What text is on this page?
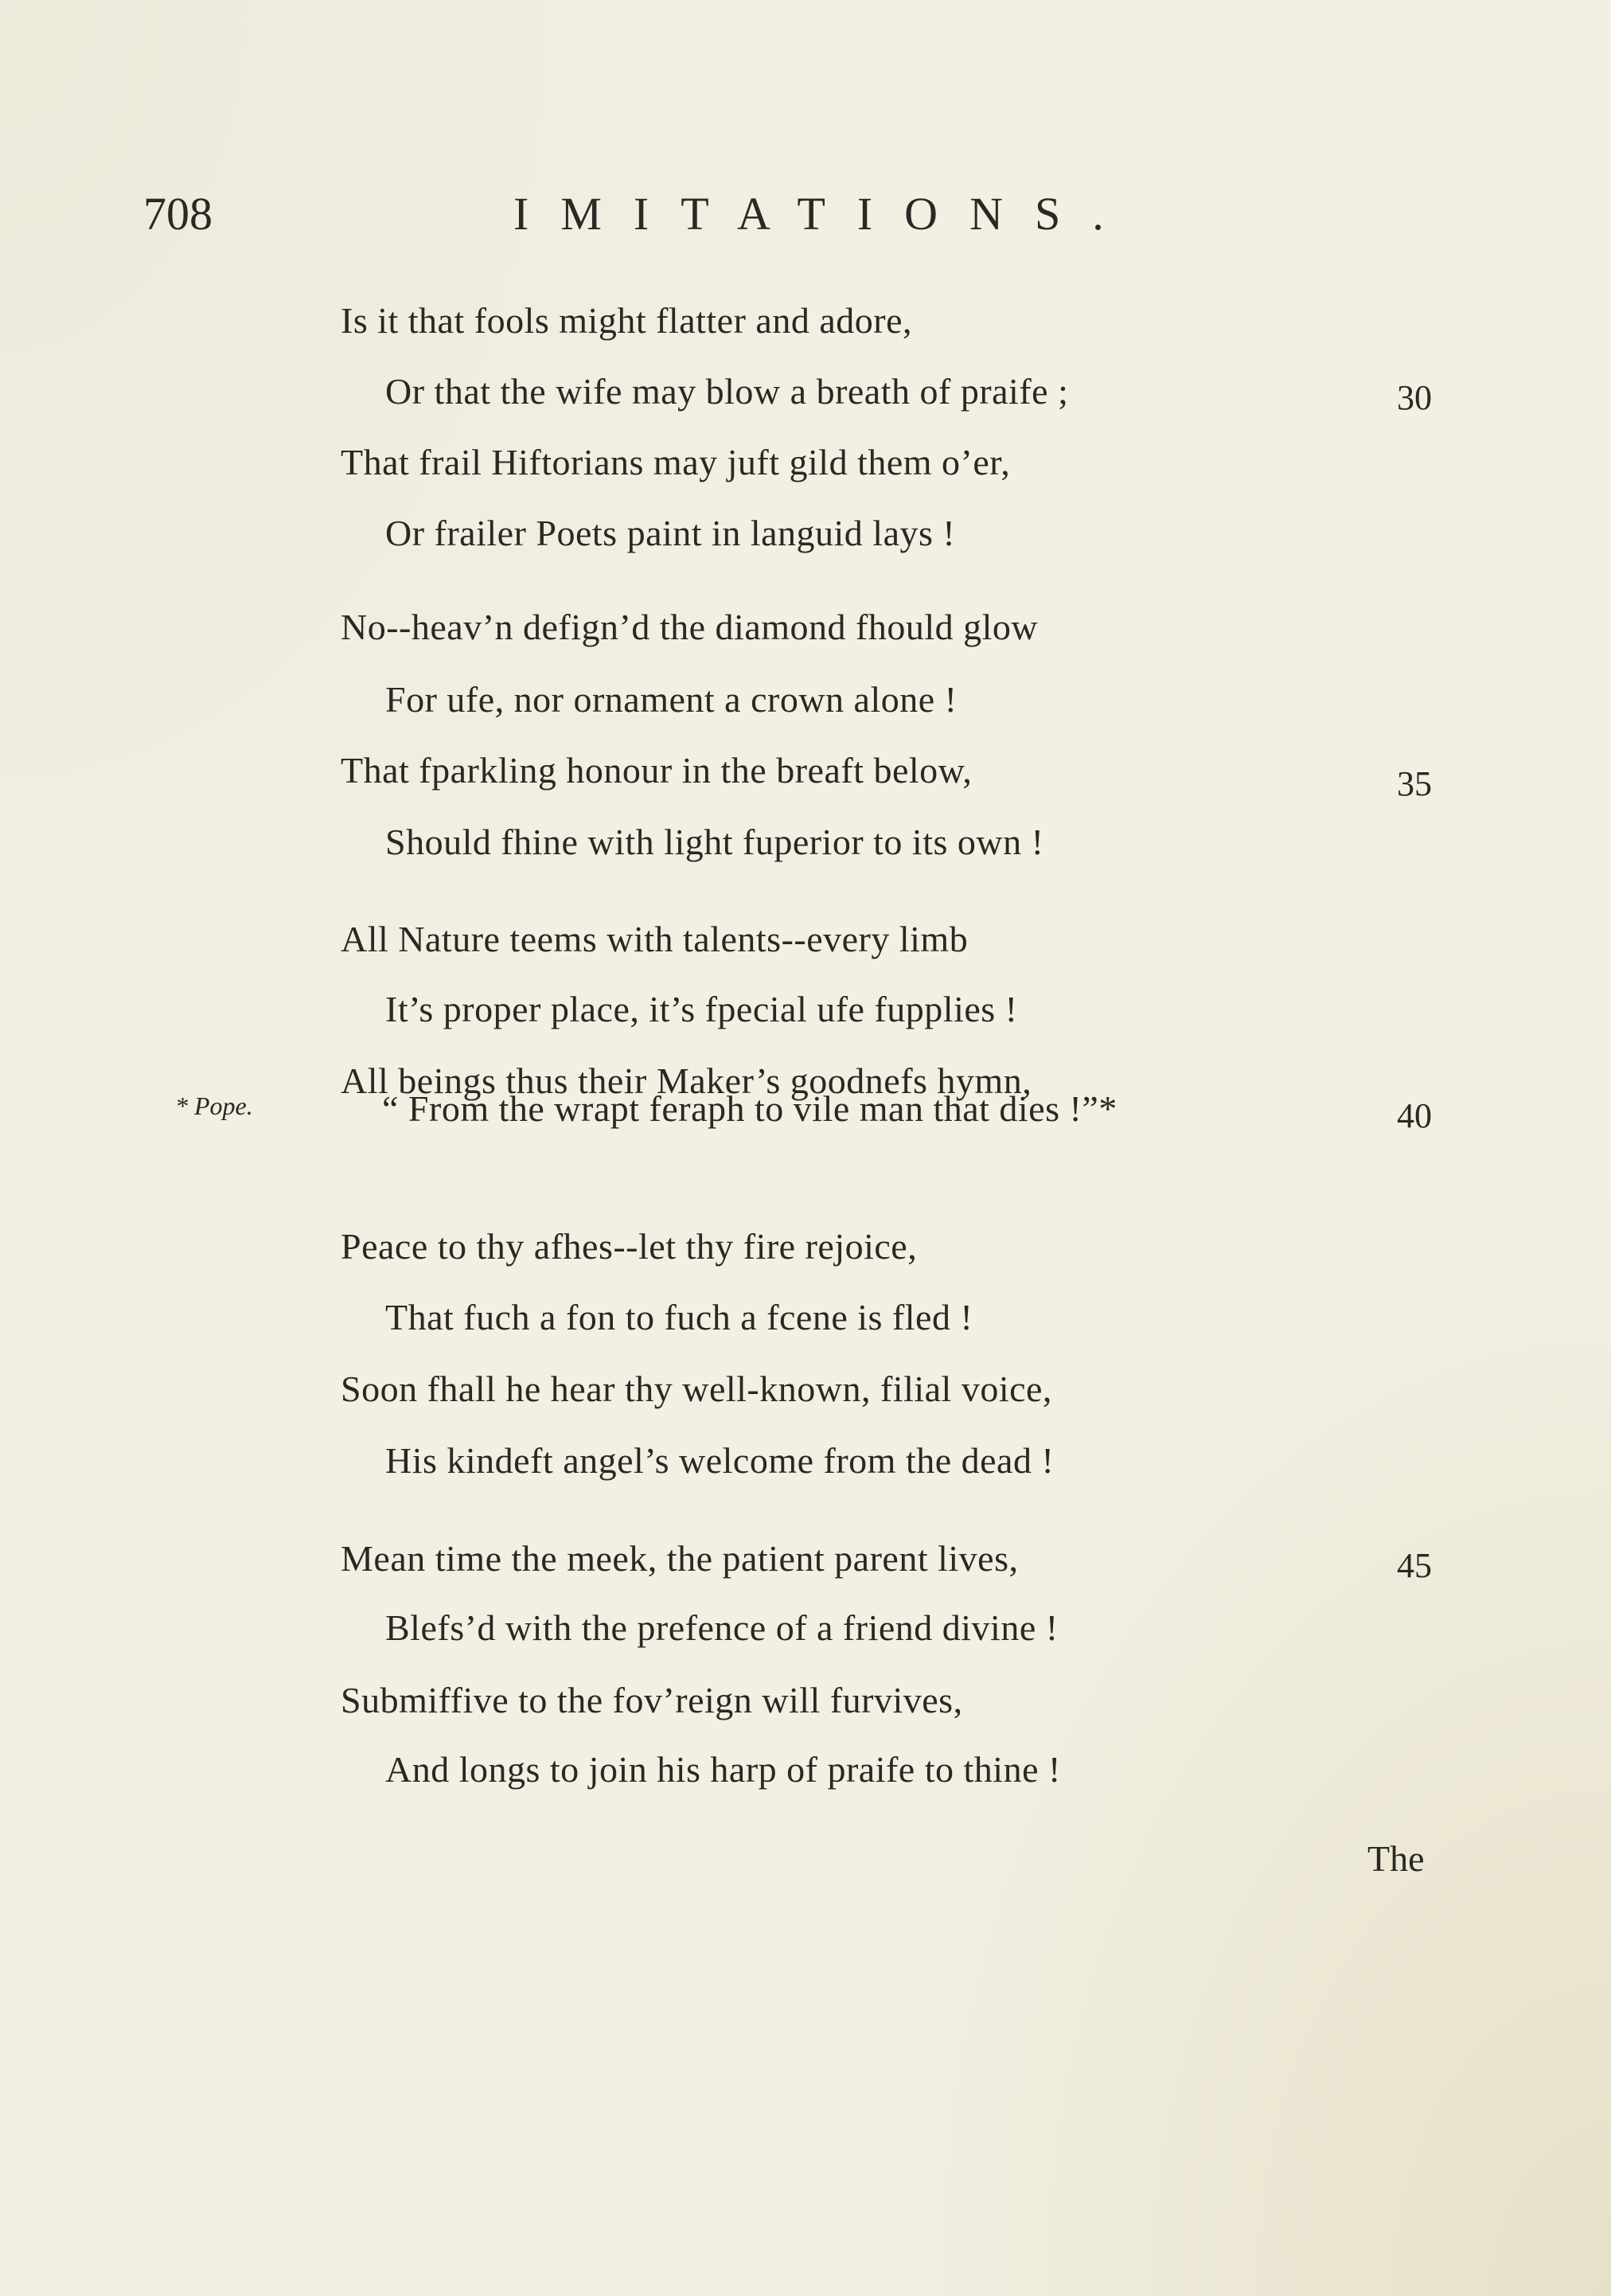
708	IMITATIONS.
Is it that fools might flatter and adore,
Or that the wife may blow a breath of praife ;
That frail Hiftorians may juft gild them o’er,
Or frailer Poets paint in languid lays !
No--heav’n defign’d the diamond fhould glow
For ufe, nor ornament a crown alone !
That fparkling honour in the breaft below,
Should fhine with light fuperior to its own !
All Nature teems with talents--every limb
It’s proper place, it’s fpecial ufe fupplies !
All beings thus their Maker’s goodnefs hymn,
“ From the wrapt feraph to vile man that dies !”*
Peace to thy afhes--let thy fire rejoice,
That fuch a fon to fuch a fcene is fled !
Soon fhall he hear thy well-known, filial voice,
His kindeft angel’s welcome from the dead !
Mean time the meek, the patient parent lives,
Blefs’d with the prefence of a friend divine !
Submiffive to the fov’reign will furvives,
And longs to join his harp of praife to thine !
30
35
40
45
* Pope.
The
